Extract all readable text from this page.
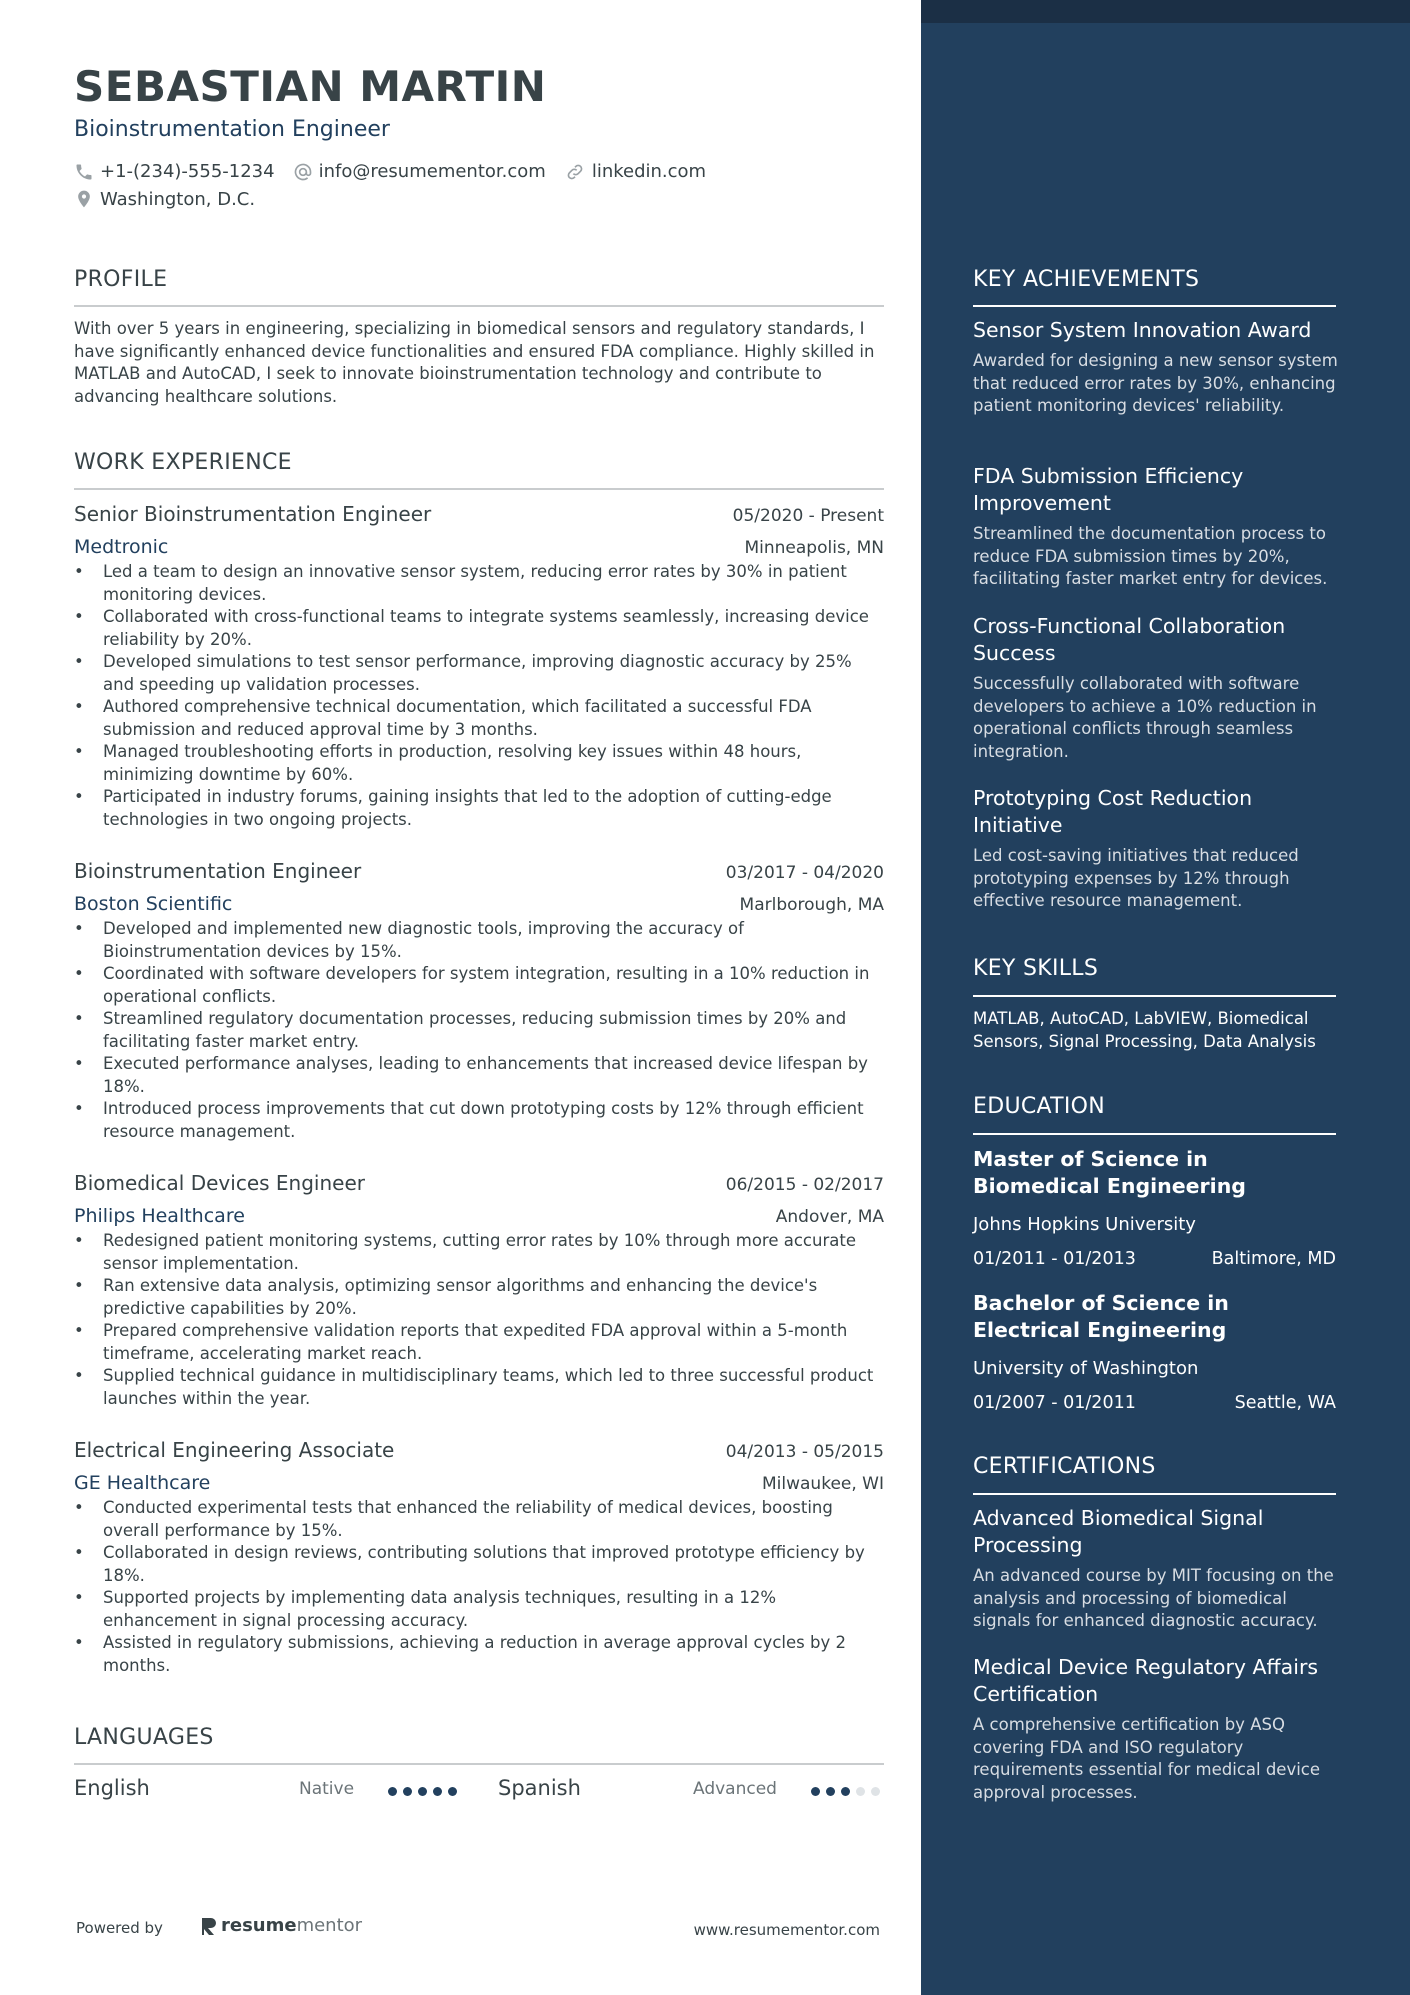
SEBASTIAN MARTIN
Bioinstrumentation Engineer
+1-(234)-555-1234 info@resumementor.com	linkedin.com
Washington, D.C.
PROFILE
With over 5 years in engineering, specializing in biomedical sensors and regulatory standards, I have significantly enhanced device functionalities and ensured FDA compliance. Highly skilled in MATLAB and AutoCAD, I seek to innovate bioinstrumentation technology and contribute to advancing healthcare solutions.
WORK EXPERIENCE
Senior Bioinstrumentation Engineer	05/2020 - Present
Medtronic	Minneapolis, MN
• Led a team to design an innovative sensor system, reducing error rates by 30% in patient monitoring devices.
• Collaborated with cross-functional teams to integrate systems seamlessly, increasing device reliability by 20%.
• Developed simulations to test sensor performance, improving diagnostic accuracy by 25% and speeding up validation processes.
• Authored comprehensive technical documentation, which facilitated a successful FDA submission and reduced approval time by 3 months.
• Managed troubleshooting efforts in production, resolving key issues within 48 hours, minimizing downtime by 60%.
• Participated in industry forums, gaining insights that led to the adoption of cutting-edge technologies in two ongoing projects.
Bioinstrumentation Engineer	03/2017 - 04/2020
Boston Scientific	Marlborough, MA
• Developed and implemented new diagnostic tools, improving the accuracy of Bioinstrumentation devices by 15%.
• Coordinated with software developers for system integration, resulting in a 10% reduction in operational conflicts.
• Streamlined regulatory documentation processes, reducing submission times by 20% and facilitating faster market entry.
• Executed performance analyses, leading to enhancements that increased device lifespan by 18%.
• Introduced process improvements that cut down prototyping costs by 12% through efficient resource management.
Biomedical Devices Engineer	06/2015 - 02/2017
Philips Healthcare	Andover, MA
• Redesigned patient monitoring systems, cutting error rates by 10% through more accurate sensor implementation.
• Ran extensive data analysis, optimizing sensor algorithms and enhancing the device's predictive capabilities by 20%.
• Prepared comprehensive validation reports that expedited FDA approval within a 5-month timeframe, accelerating market reach.
• Supplied technical guidance in multidisciplinary teams, which led to three successful product launches within the year.
Electrical Engineering Associate	04/2013 - 05/2015
GE Healthcare	Milwaukee, WI
• Conducted experimental tests that enhanced the reliability of medical devices, boosting overall performance by 15%.
• Collaborated in design reviews, contributing solutions that improved prototype efficiency by 18%.
• Supported projects by implementing data analysis techniques, resulting in a 12% enhancement in signal processing accuracy.
• Assisted in regulatory submissions, achieving a reduction in average approval cycles by 2 months.
LANGUAGES
English	Native	Spanish	Advanced
Powered by	resume mentor	www.resumementor.com
KEY ACHIEVEMENTS
Sensor System Innovation Award
Awarded for designing a new sensor system that reduced error rates by 30%, enhancing patient monitoring devices' reliability.
FDA Submission Efficiency Improvement
Streamlined the documentation process to reduce FDA submission times by 20%, facilitating faster market entry for devices.
Cross-Functional Collaboration Success
Successfully collaborated with software developers to achieve a 10% reduction in operational conflicts through seamless integration.
Prototyping Cost Reduction Initiative
Led cost-saving initiatives that reduced prototyping expenses by 12% through effective resource management.
KEY SKILLS
MATLAB, AutoCAD, LabVIEW, Biomedical Sensors, Signal Processing, Data Analysis
EDUCATION
Master of Science in Biomedical Engineering
Johns Hopkins University
01/2011 - 01/2013	Baltimore, MD
Bachelor of Science in Electrical Engineering
University of Washington
01/2007 - 01/2011	Seattle, WA
CERTIFICATIONS
Advanced Biomedical Signal Processing
An advanced course by MIT focusing on the analysis and processing of biomedical signals for enhanced diagnostic accuracy.
Medical Device Regulatory Affairs Certification
A comprehensive certification by ASQ covering FDA and ISO regulatory requirements essential for medical device approval processes.
